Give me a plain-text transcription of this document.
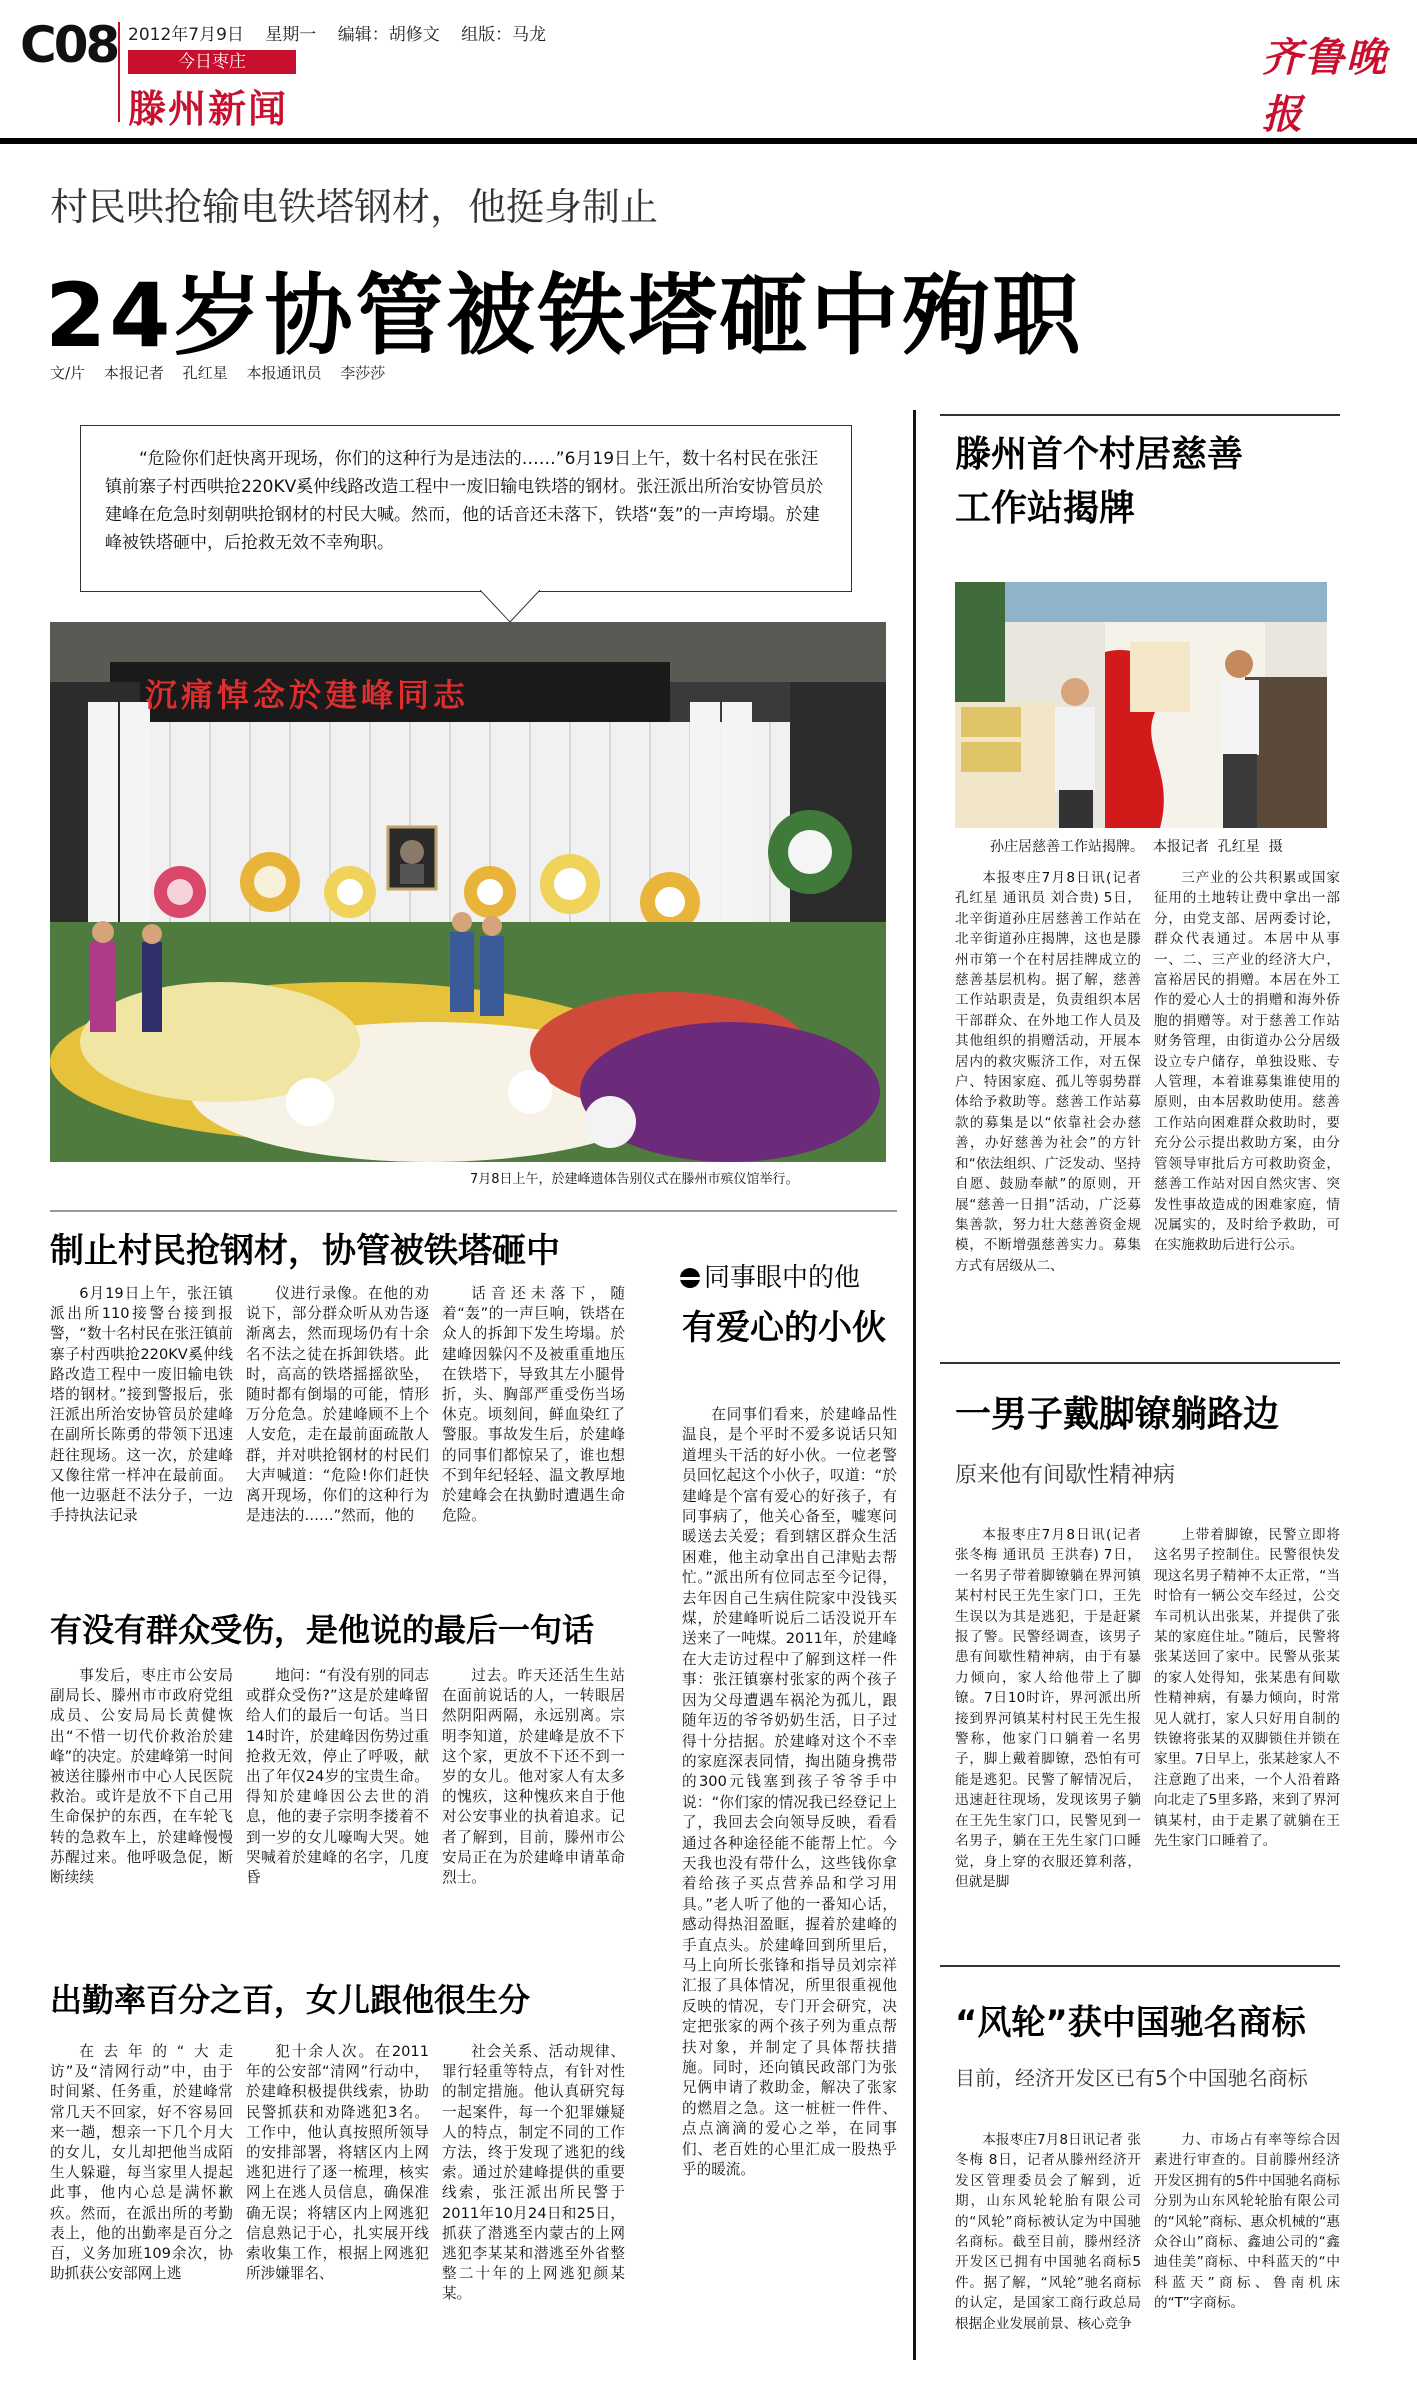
C08 2012年7月9日 星期一 编辑：胡修文 组版：马龙
今日枣庄
滕州新闻
齐鲁晚报
村民哄抢输电铁塔钢材，他挺身制止
24岁协管被铁塔砸中殉职
文/片 本报记者 孔红星 本报通讯员 李莎莎
“危险你们赶快离开现场，你们的这种行为是违法的……”6月19日上午，数十名村民在张汪镇前寨子村西哄抢220KV奚仲线路改造工程中一废旧输电铁塔的钢材。张汪派出所治安协管员於建峰在危急时刻朝哄抢钢材的村民大喊。然而，他的话音还未落下，铁塔“轰”的一声垮塌。於建峰被铁塔砸中，后抢救无效不幸殉职。
沉痛悼念於建峰同志
7月8日上午，於建峰遗体告别仪式在滕州市殡仪馆举行。
制止村民抢钢材，协管被铁塔砸中

6月19日上午，张汪镇派出所110接警台接到报警，“数十名村民在张汪镇前寨子村西哄抢220KV奚仲线路改造工程中一废旧输电铁塔的钢材。”接到警报后，张汪派出所治安协管员於建峰在副所长陈勇的带领下迅速赶往现场。这一次，於建峰又像往常一样冲在最前面。他一边驱赶不法分子，一边手持执法记录

仪进行录像。在他的劝说下，部分群众听从劝告逐渐离去，然而现场仍有十余名不法之徒在拆卸铁塔。此时，高高的铁塔摇摇欲坠，随时都有倒塌的可能，情形万分危急。於建峰顾不上个人安危，走在最前面疏散人群，并对哄抢钢材的村民们大声喊道：“危险!你们赶快离开现场，你们的这种行为是违法的……”然而，他的

话音还未落下，随着“轰”的一声巨响，铁塔在众人的拆卸下发生垮塌。於建峰因躲闪不及被重重地压在铁塔下，导致其左小腿骨折，头、胸部严重受伤当场休克。顷刻间，鲜血染红了警服。事故发生后，於建峰的同事们都惊呆了，谁也想不到年纪轻轻、温文教厚地於建峰会在执勤时遭遇生命危险。

有没有群众受伤，是他说的最后一句话

事发后，枣庄市公安局副局长、滕州市市政府党组成员、公安局局长黄健恢出“不惜一切代价救治於建峰”的决定。於建峰第一时间被送往滕州市中心人民医院救治。或许是放不下自己用生命保护的东西，在车轮飞转的急救车上，於建峰慢慢苏醒过来。他呼吸急促，断断续续

地问：“有没有别的同志或群众受伤?”这是於建峰留给人们的最后一句话。当日14时许，於建峰因伤势过重抢救无效，停止了呼吸，献出了年仅24岁的宝贵生命。得知於建峰因公去世的消息，他的妻子宗明李搂着不到一岁的女儿嚎啕大哭。她哭喊着於建峰的名字，几度昏

过去。昨天还活生生站在面前说话的人，一转眼居然阴阳两隔，永远别离。宗明李知道，於建峰是放不下这个家，更放不下还不到一岁的女儿。他对家人有太多的愧疚，这种愧疚来自于他对公安事业的执着追求。记者了解到，目前，滕州市公安局正在为於建峰申请革命烈士。

出勤率百分之百，女儿跟他很生分

在去年的“大走访”及“清网行动”中，由于时间紧、任务重，於建峰常常几天不回家，好不容易回来一趟，想亲一下几个月大的女儿，女儿却把他当成陌生人躲避，每当家里人提起此事，他内心总是满怀歉疚。然而，在派出所的考勤表上，他的出勤率是百分之百，义务加班109余次，协助抓获公安部网上逃

犯十余人次。在2011年的公安部“清网”行动中，於建峰积极提供线索，协助民警抓获和劝降逃犯3名。工作中，他认真按照所领导的安排部署，将辖区内上网逃犯进行了逐一梳理，核实网上在逃人员信息，确保准确无误；将辖区内上网逃犯信息熟记于心，扎实展开线索收集工作，根据上网逃犯所涉嫌罪名、

社会关系、活动规律、罪行轻重等特点，有针对性的制定措施。他认真研究每一起案件，每一个犯罪嫌疑人的特点，制定不同的工作方法，终于发现了逃犯的线索。通过於建峰提供的重要线索，张汪派出所民警于2011年10月24日和25日，抓获了潜逃至内蒙古的上网逃犯李某某和潜逃至外省整整二十年的上网逃犯颜某某。

同事眼中的他
有爱心的小伙

在同事们看来，於建峰品性温良，是个平时不爱多说话只知道埋头干活的好小伙。一位老警员回忆起这个小伙子，叹道：“於建峰是个富有爱心的好孩子，有同事病了，他关心备至，嘘寒问暖送去关爱；看到辖区群众生活困难，他主动拿出自己津贴去帮忙。”派出所有位同志至今记得，去年因自己生病住院家中没钱买煤，於建峰听说后二话没说开车送来了一吨煤。2011年，於建峰在大走访过程中了解到这样一件事：张汪镇寨村张家的两个孩子因为父母遭遇车祸沦为孤儿，跟随年迈的爷爷奶奶生活，日子过得十分拮据。於建峰对这个不幸的家庭深表同情，掏出随身携带的300元钱塞到孩子爷爷手中说：“你们家的情况我已经登记上了，我回去会向领导反映，看看通过各种途径能不能帮上忙。今天我也没有带什么，这些钱你拿着给孩子买点营养品和学习用具。”老人听了他的一番知心话，感动得热泪盈眶，握着於建峰的手直点头。於建峰回到所里后，马上向所长张锋和指导员刘宗祥汇报了具体情况，所里很重视他反映的情况，专门开会研究，决定把张家的两个孩子列为重点帮扶对象，并制定了具体帮扶措施。同时，还向镇民政部门为张兄俩申请了救助金，解决了张家的燃眉之急。这一桩桩一件件、点点滴滴的爱心之举，在同事们、老百姓的心里汇成一股热乎乎的暖流。

滕州首个村居慈善
工作站揭牌
孙庄居慈善工作站揭牌。  本报记者  孔红星  摄

本报枣庄7月8日讯(记者 孔红星 通讯员 刘合贵) 5日，北辛街道孙庄居慈善工作站在北辛街道孙庄揭牌，这也是滕州市第一个在村居挂牌成立的慈善基层机构。据了解，慈善工作站职责是，负责组织本居干部群众、在外地工作人员及其他组织的捐赠活动，开展本居内的救灾赈济工作，对五保户、特困家庭、孤儿等弱势群体给予救助等。慈善工作站募款的募集是以“依靠社会办慈善，办好慈善为社会”的方针和“依法组织、广泛发动、坚持自愿、鼓励奉献”的原则，开展“慈善一日捐”活动，广泛募集善款，努力壮大慈善资金规模，不断增强慈善实力。募集方式有居级从二、

三产业的公共积累或国家征用的土地转让费中拿出一部分，由党支部、居两委讨论，群众代表通过。本居中从事一、二、三产业的经济大户，富裕居民的捐赠。本居在外工作的爱心人士的捐赠和海外侨胞的捐赠等。对于慈善工作站财务管理，由街道办公分居级设立专户储存，单独设账、专人管理，本着谁募集谁使用的原则，由本居救助使用。慈善工作站向困难群众救助时，要充分公示提出救助方案，由分管领导审批后方可救助资金，慈善工作站对因自然灾害、突发性事故造成的困难家庭，情况属实的，及时给予救助，可在实施救助后进行公示。

一男子戴脚镣躺路边
原来他有间歇性精神病

本报枣庄7月8日讯(记者 张冬梅 通讯员 王洪春) 7日，一名男子带着脚镣躺在界河镇某村村民王先生家门口，王先生误以为其是逃犯，于是赶紧报了警。民警经调查，该男子患有间歇性精神病，由于有暴力倾向，家人给他带上了脚镣。7日10时许，界河派出所接到界河镇某村村民王先生报警称，他家门口躺着一名男子，脚上戴着脚镣，恐怕有可能是逃犯。民警了解情况后，迅速赶往现场，发现该男子躺在王先生家门口，民警见到一名男子，躺在王先生家门口睡觉，身上穿的衣服还算利落，但就是脚

上带着脚镣，民警立即将这名男子控制住。民警很快发现这名男子精神不太正常，“当时恰有一辆公交车经过，公交车司机认出张某，并提供了张某的家庭住址。”随后，民警将张某送回了家中。民警从张某的家人处得知，张某患有间歇性精神病，有暴力倾向，时常见人就打，家人只好用自制的铁镣将张某的双脚锁住并锁在家里。7日早上，张某趁家人不注意跑了出来，一个人沿着路向北走了5里多路，来到了界河镇某村，由于走累了就躺在王先生家门口睡着了。

“风轮”获中国驰名商标
目前，经济开发区已有5个中国驰名商标

本报枣庄7月8日讯记者 张冬梅 8日，记者从滕州经济开发区管理委员会了解到，近期，山东风轮轮胎有限公司的“风轮”商标被认定为中国驰名商标。截至目前，滕州经济开发区已拥有中国驰名商标5件。据了解，“风轮”驰名商标的认定，是国家工商行政总局根据企业发展前景、核心竞争

力、市场占有率等综合因素进行审查的。目前滕州经济开发区拥有的5件中国驰名商标分别为山东风轮轮胎有限公司的“风轮”商标、惠众机械的“惠众谷山”商标、鑫迪公司的“鑫迪佳美”商标、中科蓝天的“中科蓝天”商标、鲁南机床的“T”字商标。
